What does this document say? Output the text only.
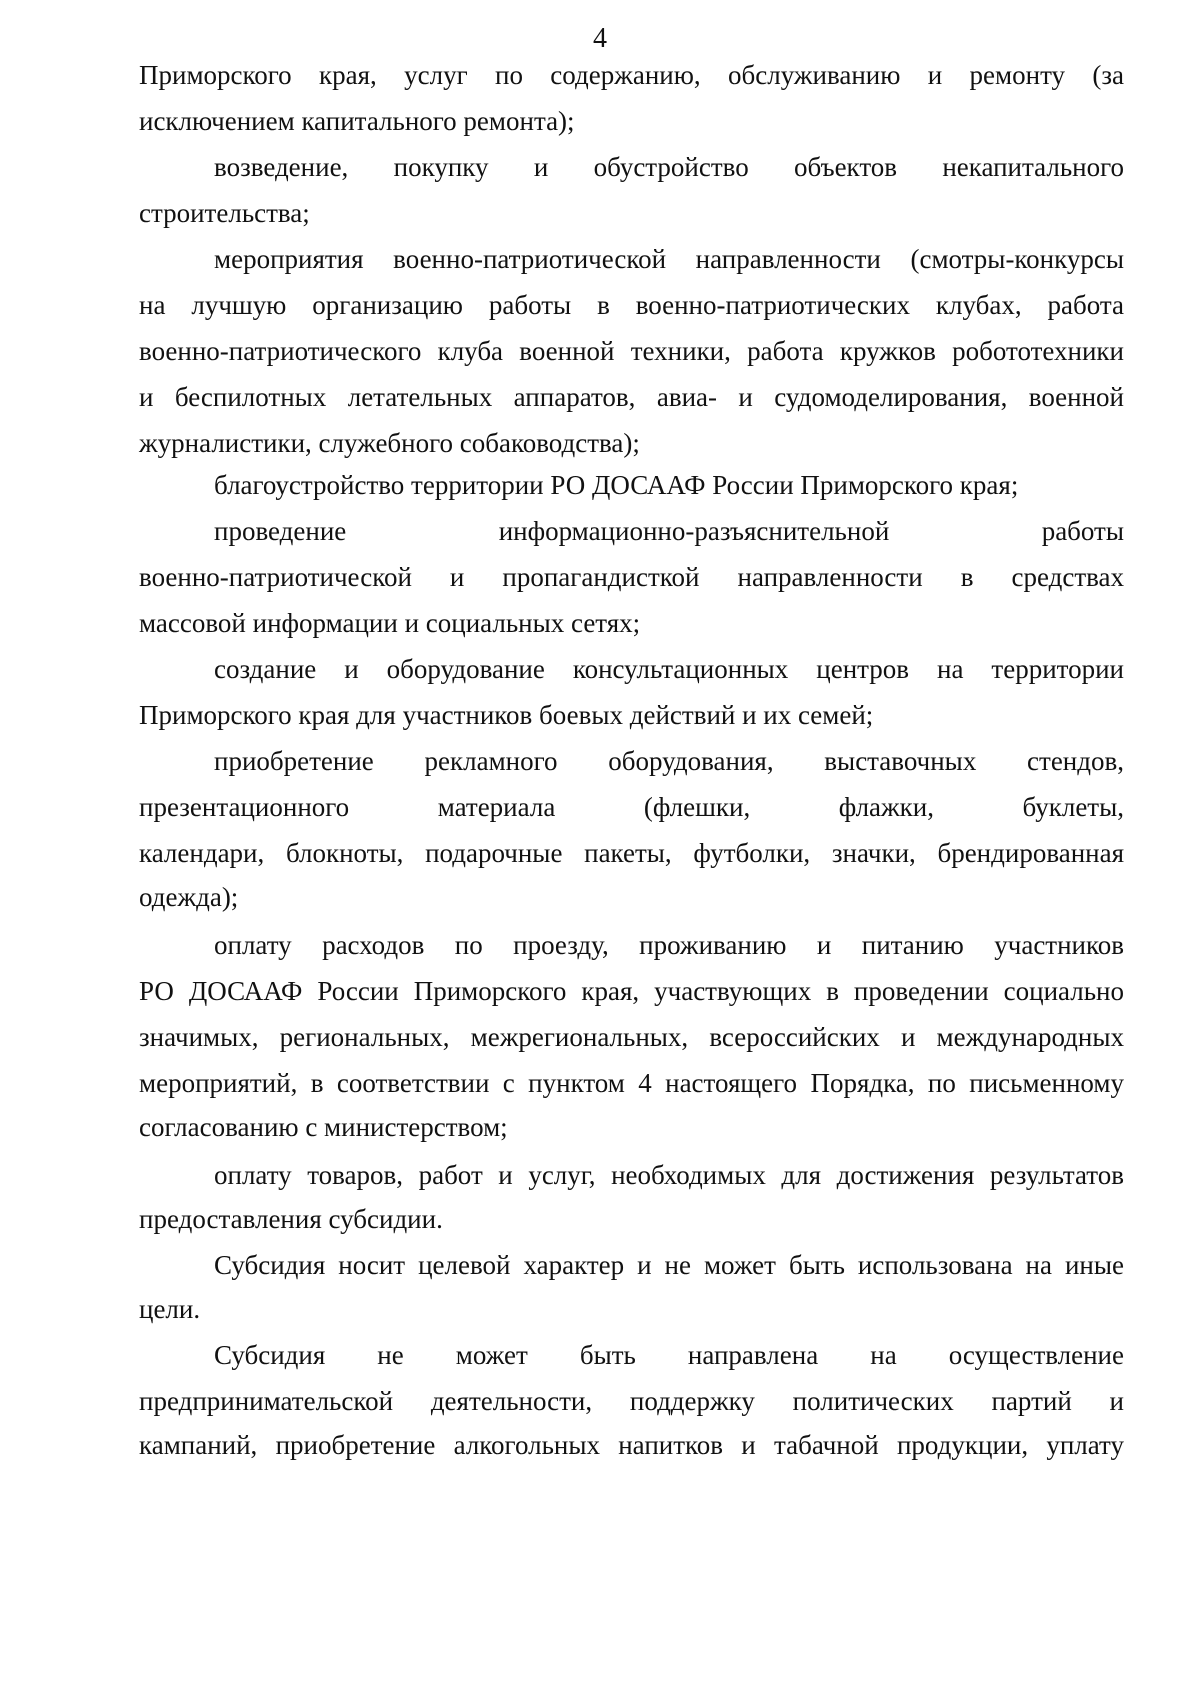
4
Приморского края, услуг по содержанию, обслуживанию и ремонту (за
исключением капитального ремонта);
возведение, покупку и обустройство объектов некапитального
строительства;
мероприятия военно-патриотической направленности (смотры-конкурсы
на лучшую организацию работы в военно-патриотических клубах, работа
военно-патриотического клуба военной техники, работа кружков робототехники
и беспилотных летательных аппаратов, авиа- и судомоделирования, военной
журналистики, служебного собаководства);
благоустройство территории РО ДОСААФ России Приморского края;
проведение информационно-разъяснительной работы
военно-патриотической и пропагандисткой направленности в средствах
массовой информации и социальных сетях;
создание и оборудование консультационных центров на территории
Приморского края для участников боевых действий и их семей;
приобретение рекламного оборудования, выставочных стендов,
презентационного материала (флешки, флажки, буклеты,
календари, блокноты, подарочные пакеты, футболки, значки, брендированная
одежда);
оплату расходов по проезду, проживанию и питанию участников
РО ДОСААФ России Приморского края, участвующих в проведении социально
значимых, региональных, межрегиональных, всероссийских и международных
мероприятий, в соответствии с пунктом 4 настоящего Порядка, по письменному
согласованию с министерством;
оплату товаров, работ и услуг, необходимых для достижения результатов
предоставления субсидии.
Субсидия носит целевой характер и не может быть использована на иные
цели.
Субсидия не может быть направлена на осуществление
предпринимательской деятельности, поддержку политических партий и
кампаний, приобретение алкогольных напитков и табачной продукции, уплату
